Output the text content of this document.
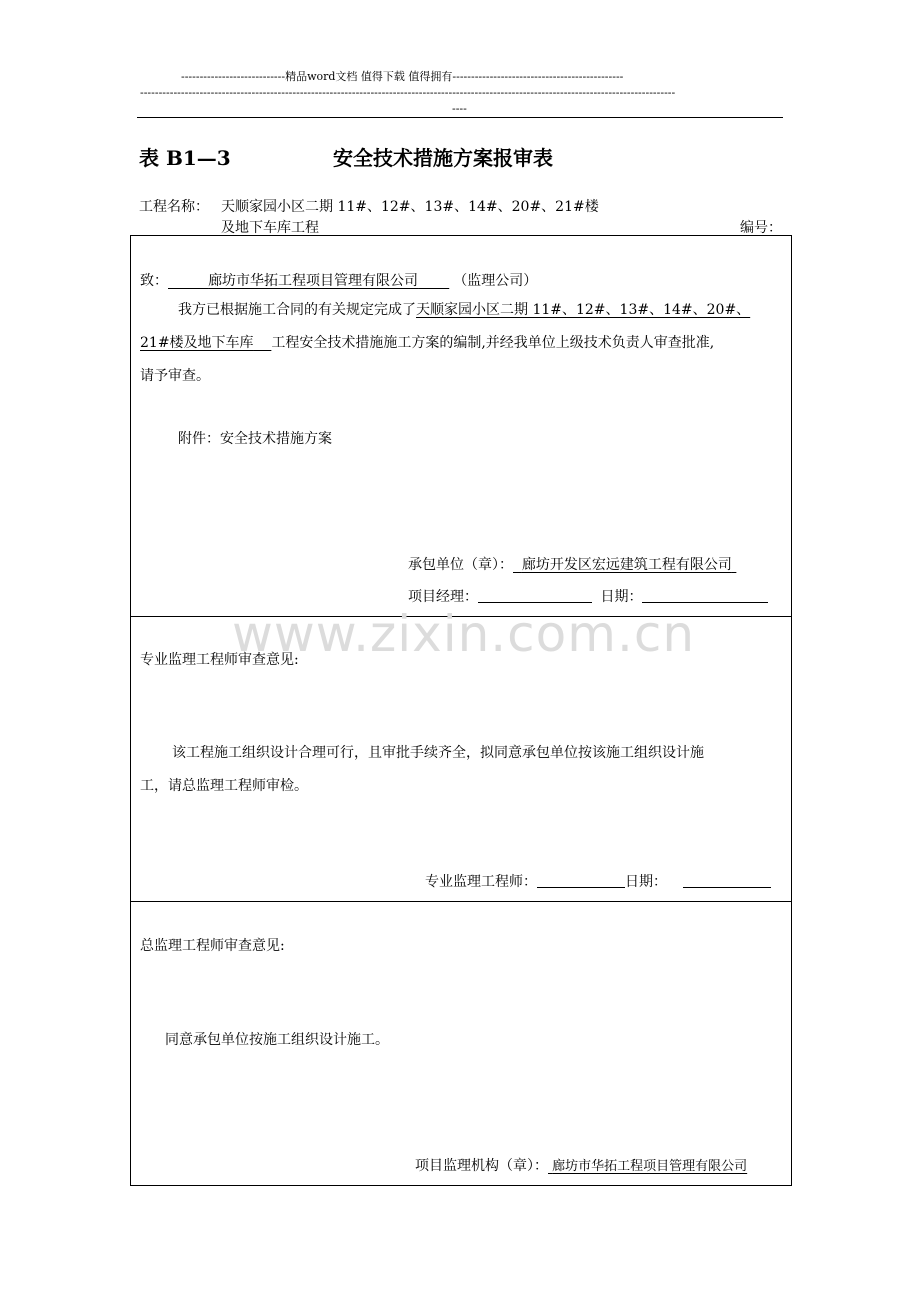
----------------------------精品word文档 值得下载 值得拥有----------------------------------------------
------------------------------------------------------------------------------------------------------------------------------------------------
----
表 B1—3	安全技术措施方案报审表
工程名称： 天顺家园小区二期 11#、12#、13#、14#、20#、21#楼
及地下车库工程	编号：
致：	廊坊市华拓工程项目管理有限公司	（监理公司）
我方已根据施工合同的有关规定完成了天顺家园小区二期 11#、12#、13#、14#、20#、
21#楼及地下车库 工程安全技术措施施工方案的编制,并经我单位上级技术负责人审查批准,
请予审查。
附件：安全技术措施方案
承包单位（章）： 廊坊开发区宏远建筑工程有限公司
项目经理：	日期：
专业监理工程师审查意见:
该工程施工组织设计合理可行，且审批手续齐全，拟同意承包单位按该施工组织设计施
工，请总监理工程师审检。
专业监理工程师：	日期：
总监理工程师审查意见:
同意承包单位按施工组织设计施工。
项目监理机构（章）： 廊坊市华拓工程项目管理有限公司
www.zixin.com.cn
